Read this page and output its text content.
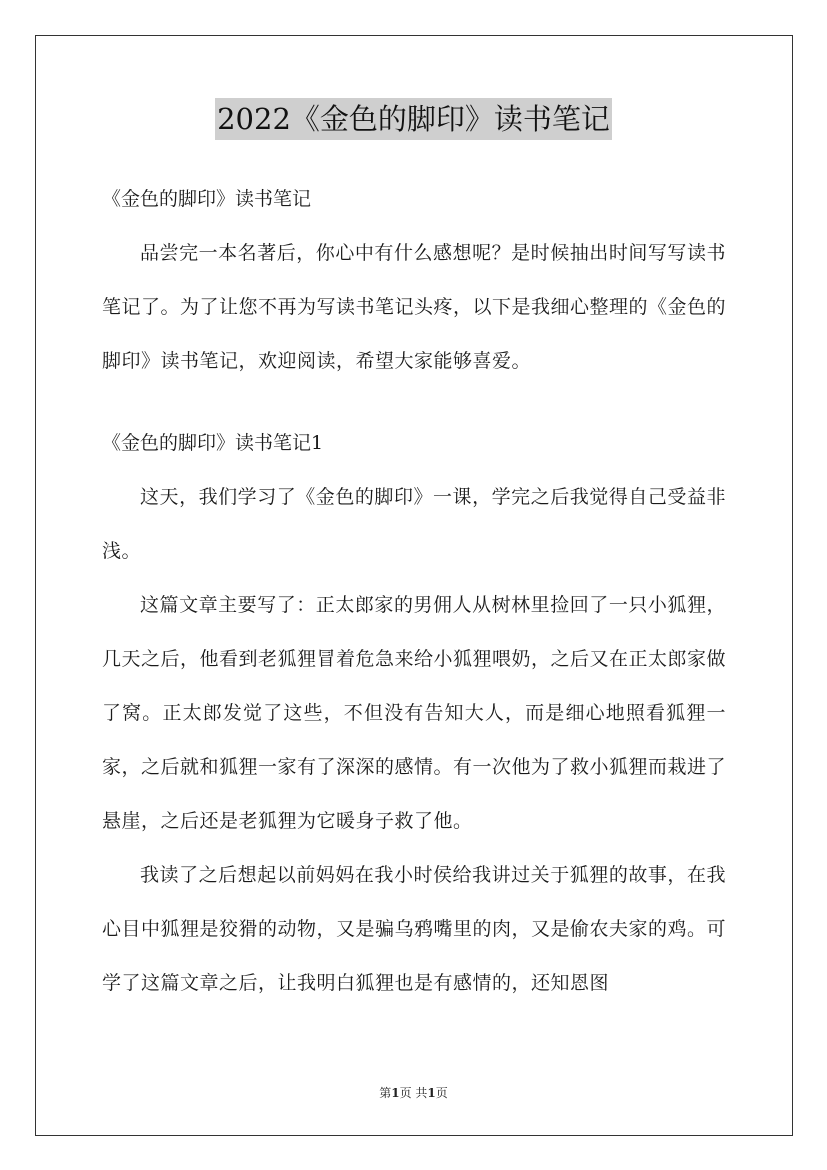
2022《金色的脚印》读书笔记

《金色的脚印》读书笔记

品尝完一本名著后，你心中有什么感想呢？是时候抽出时间写写读书笔记了。为了让您不再为写读书笔记头疼，以下是我细心整理的《金色的脚印》读书笔记，欢迎阅读，希望大家能够喜爱。

《金色的脚印》读书笔记1

这天，我们学习了《金色的脚印》一课，学完之后我觉得自己受益非浅。

这篇文章主要写了：正太郎家的男佣人从树林里捡回了一只小狐狸，几天之后，他看到老狐狸冒着危急来给小狐狸喂奶，之后又在正太郎家做了窝。正太郎发觉了这些，不但没有告知大人，而是细心地照看狐狸一家，之后就和狐狸一家有了深深的感情。有一次他为了救小狐狸而栽进了悬崖，之后还是老狐狸为它暖身子救了他。

我读了之后想起以前妈妈在我小时侯给我讲过关于狐狸的故事，在我心目中狐狸是狡猾的动物，又是骗乌鸦嘴里的肉，又是偷农夫家的鸡。可学了这篇文章之后，让我明白狐狸也是有感情的，还知恩图

第1页 共1页
